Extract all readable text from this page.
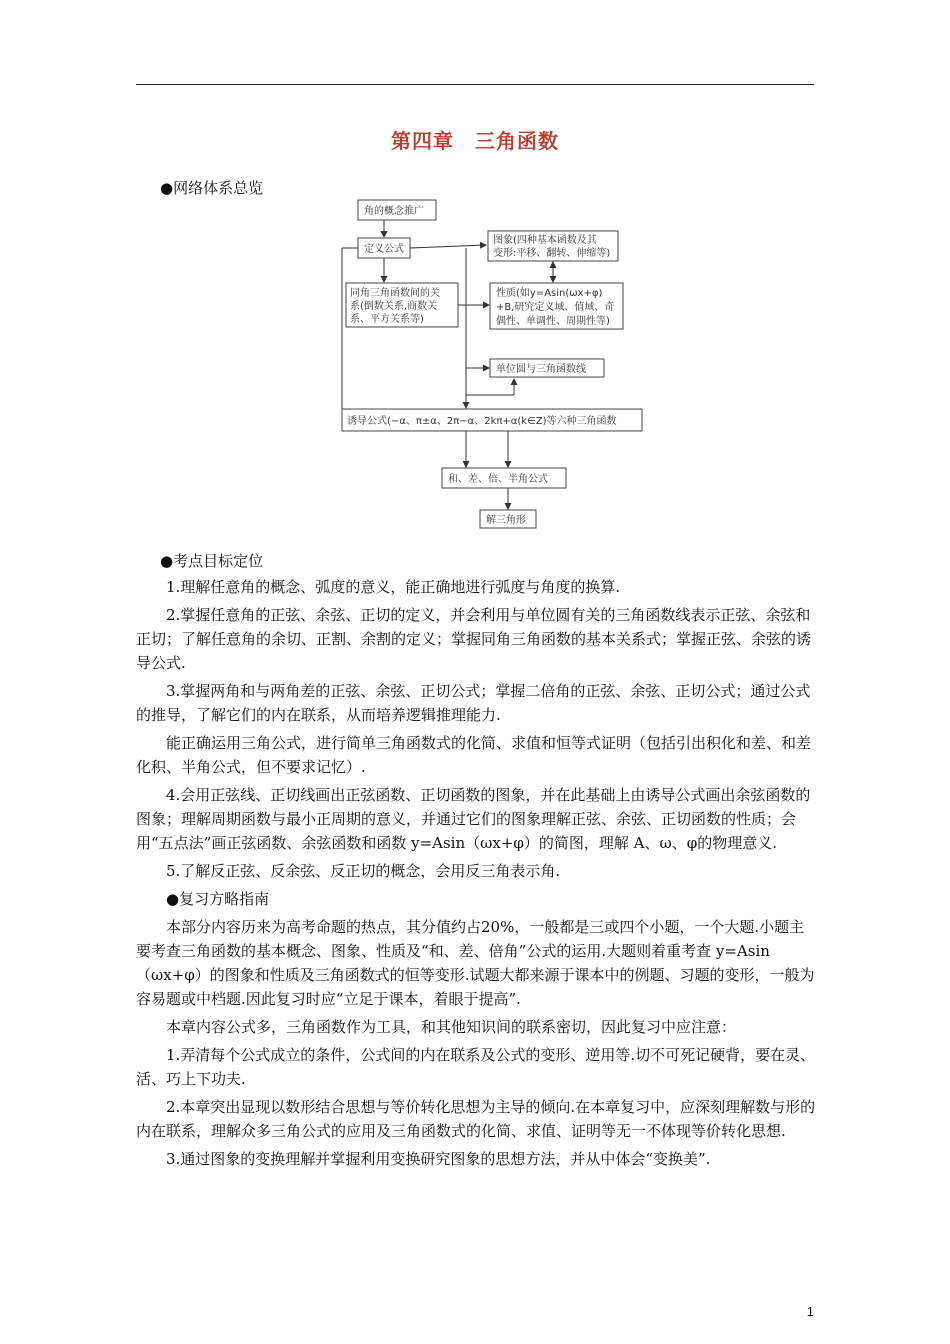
第四章　三角函数
●网络体系总览
角的概念推广
定义公式
图象(四种基本函数及其
变形:平移、翻转、伸缩等)
同角三角函数间的关
系(倒数关系,商数关
系、平方关系等)
性质(如y=Asin(ωx+φ)
+B,研究定义域、值域、奇
偶性、单调性、周期性等)
单位圆与三角函数线
诱导公式(−α、π±α、2π−α、2kπ+α(k∈Z)等六种三角函数
和、差、倍、半角公式
解三角形
●考点目标定位

1.理解任意角的概念、弧度的意义，能正确地进行弧度与角度的换算.

2.掌握任意角的正弦、余弦、正切的定义，并会利用与单位圆有关的三角函数线表示正弦、余弦和正切；了解任意角的余切、正割、余割的定义；掌握同角三角函数的基本关系式；掌握正弦、余弦的诱导公式.

3.掌握两角和与两角差的正弦、余弦、正切公式；掌握二倍角的正弦、余弦、正切公式；通过公式的推导，了解它们的内在联系，从而培养逻辑推理能力.

能正确运用三角公式，进行简单三角函数式的化简、求值和恒等式证明（包括引出积化和差、和差化积、半角公式，但不要求记忆）.

4.会用正弦线、正切线画出正弦函数、正切函数的图象，并在此基础上由诱导公式画出余弦函数的图象；理解周期函数与最小正周期的意义，并通过它们的图象理解正弦、余弦、正切函数的性质；会用“五点法”画正弦函数、余弦函数和函数 y=Asin（ωx+φ）的简图，理解 A、ω、φ的物理意义.

5.了解反正弦、反余弦、反正切的概念，会用反三角表示角.

●复习方略指南

本部分内容历来为高考命题的热点，其分值约占20%，一般都是三或四个小题，一个大题.小题主要考查三角函数的基本概念、图象、性质及“和、差、倍角”公式的运用.大题则着重考查 y=Asin（ωx+φ）的图象和性质及三角函数式的恒等变形.试题大都来源于课本中的例题、习题的变形，一般为容易题或中档题.因此复习时应“立足于课本，着眼于提高”.

本章内容公式多，三角函数作为工具，和其他知识间的联系密切，因此复习中应注意：

1.弄清每个公式成立的条件，公式间的内在联系及公式的变形、逆用等.切不可死记硬背，要在灵、活、巧上下功夫.

2.本章突出显现以数形结合思想与等价转化思想为主导的倾向.在本章复习中，应深刻理解数与形的内在联系，理解众多三角公式的应用及三角函数式的化简、求值、证明等无一不体现等价转化思想.

3.通过图象的变换理解并掌握利用变换研究图象的思想方法，并从中体会“变换美”.

1
